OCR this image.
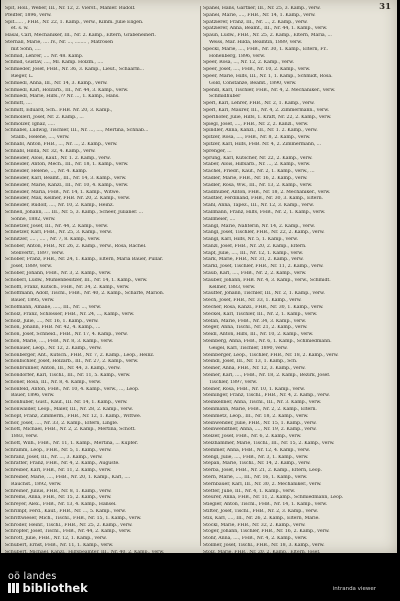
31
Spit, Holl., Weber, III., Nr. 12, 2. Vierst., Mahler. Rudolf.
Pfeiffer, 1896, verw.
Spit...... , FHB., Nr. 22, 1. Kamp., verw., Kimm. Julie Eligen.
et. s. w.
Hasal, Carl, Mechaniker, III., Nr. 2. Kamp., Eltern, Grabeneinerl.
Sternall, Marie, .... IV., Nr. ..., ........ , Matrosen
mit Sohn, ....
Schmid, Lehrer, .... Nr. 48. Kamp.
Schmid, Gustav, ...., Ml. Kamp. Holzm., ....
Schmieder, Josef, FHB., Nr. 36, 3. Kamp., Lieut., Schaarm...
Rieger, L.
Schmiedl, Anna, III., Nr. 14, 3. Kamp., verw.
Schmiedl, Karl, Holzarb., III., Nr. 44, 3. Kamp., verw.
Schmiedl, Marie, Hilfs.,?? Nr. ..., 1. Kamp., Hans.
Schmitt, ....
Schmitt, Eduard, Sch.. FHB. Nr. 20, 3. Kamp.,
Schmöllerl, Josef, Nr. 2. Kamp., ...
Schmölzer, Ignaz, .....
Schnabel, Ludwig, Tischler, III., Nr. ..., ...., Mertina, Schnab...
Stallb., Helene, ...., verw.
Schnabl, Anton, FHB., ..., Nr. ..., 2. Kamp., verw.
Schnabl, Hilda, Nr. 32, 4. Kamp., verw.
Schneider, Alois, Kauf., Nr. 1. 2. Kamp., verw.
Schneider, Anton, Mech., III., Nr. 18, 1. Kamp., verw.
Schneider, Helene, ..., Nr. 4. Kamp.
Schneider, Karl, Beamt., III., Nr. 14, 3. Kamp., verw.
Schneider, Marie, Kanzl., III., Nr. 10, 4. Kamp., verw.
Schneider, Maria, FHB., Nr. 14, 1. Kamp., Witwe.
Schneider, Max, Kellner, FHB. Nr. 20, 2. Kamp., verw.
Schneider, Rudolf, ...., Nr. 10, 2. Kamp., Heinz.
Schnell, Johann, .... III., Nr. 5, 3. Kamp., Scheer, Julianer. ...
Söhne, 1882, verw.
Schnetzer, Josef, III., Nr. 44, 2. Kamp., verw.
Schnetzer, Karl, FHB., Nr. 25, 3. Kamp., verw.
Schnitzer, .... , .... , Nr. 7, 8. Kamp., verw.
Schober, Anton, FHB., Nr. 26, 2. Kamp., verw., Rosa, Rachel.
Stellvertr., 1897, verw.
Schober, Franz, FHB., Nr. 24, 1. Kamp., Eltern, Maria Bauer, Pullar.
Josef, 1889, verw.
Schober, Johann, FHB., Nr. 3, 2. Kamp., verw.
Schöberl, Ludw., Mühlenbesitzer, III., Nr. 14, 1. Kamp., verw.
Schöffl, Franz, Kutsch., FHB., Nr. 34, 2. Kamp., verw.
Schöffmann, Adolf, Tischl., FHB., Nr. 40, 2. Kamp., Scharfe, Marion.
Bauer, 1895, verw.
Schöfmann, Amalie, ....., III., Nr. ..., verw.
Scholz, Franz, Schlosser, FHB., Nr. 24, ..., Kamp., verw.
Scholz, Julie, ...., Nr. 16, 1. Kamp., verw.
Schön, Johann, FHB. Nr. 42, 4. Kamp., ...
Schön, Josef, Schneid., FHB., Nr. 17, 4. Kamp., verw.
Schön, Marie, ...., FHB., Nr. 8, 3. Kamp., verw.
Schönauer, Leop., Nr. 12, 2. Kamp., verw.
Schönberger, Ant., Kutsch., FHB., Nr. 7, 2. Kamp., Leop., Heinz.
Schönbichler, Josef, Holzarb., III., Nr. 27, 2. Kamp., verw.
Schönbrunner, Anton, III., Nr. 44, 3. Kamp., verw.
Schöndorfer, Karl, Tischl., III., Nr. 11, 5. Kamp., verw.
Schöner, Rosa, III., Nr. 8, 4. Kamp., verw.
Schönfeld, Anton, FHB., Nr. 10, 4. Kamp., verw., ..., Leop.
Bauer, 1896, verw.
Schönhuber, Gust., Kauf., III. Nr. 14, 1. Kamp., verw.
Schönwälder, Leop., Maler, III., Nr. 28, 2. Kamp., verw.
Schöpf, Franz, Zimmerm., FHB., Nr. 12, 1. Kamp., Wittwe.
Schor, Josef, ...., Nr. 33, 2. Kamp., Eltern, Lingle.
Schott, Michael, FHB., Nr. 2, 2. Kamp., Mertina, Schott.
1883, verw.
Schott, Wilh., FHB., Nr. 11, 1. Kamp., Mertina, ... Kupfer.
Schramm, Leop., FHB., Nr. 5, 1. Kamp., verw.
Schranz, Josef, III., Nr. ..., 3. Kamp., verw.
Schratter, Franz, FHB., Nr. 4, 2. Kamp., Auguste.
Schreiber, Karl, FHB., Nr. 11, 2. Kamp., verw.
Schreiber, Marie, ...., FHB., Nr. 20, 1. Kamp., Karl, ....
Rauchst., 1892, verw.
Schreiner, Julius, FHB., Nr. 8, 1. Kamp., verw.
Schrems, Anna, FHB., Nr. 15, 2. Kamp., verw.
Schreyer, Alex., FHB., Nr. 13, 4. Kamp., Hansel.
Schrimpf, Ferd., Kauf., FHB., Nr. ..., 5. Kamp., verw.
Schrittwieser, Mich., Tischl., FHB., Nr. 15, 1. Kamp., verw.
Schröder, Heinr., Tischl., FHB., Nr. 25, 2. Kamp., verw.
Schröpfer, Josef, Tischl., FHB., Nr. 44, 2. Kamp., verw.
Schrott, Julie, FHB., Nr. 12, 1. Kamp., verw.
Schubert, Ernst, FHB., Nr. 11, 1. Kamp., verw.
Schubert, Michael, Kanzl., Hilfsbeamter, III., Nr. 40, 2. Kamp., verw.
Spanel, Hans, Gärtner, III., Nr. 25, 3. Kamp., verw.
Spanel, Marie, ...., FHB., Nr. 14, 1. Kamp., verw.
Spatzierer, Franz, III., Nr. ..., 2. Kamp., verw.
Spatzierer, Anna, Beamt., III., Nr. 44, 1. Kamp., verw.
Spaun, Ludw., FHB., Nr. 25, 2. Kamp., Eltern, Maria, ...
Weiss, Mar. Hilda, Beamtin, 1889, verw.
Speckl, Marie, ...., FHB., Nr. 30, 1. Kamp., Eltern, Fr..
Hohenberg, 1896, verw.
Speer, Rosa, ..., Nr. 12, 2. Kamp., verw.
Speer, Josef, ...., FHB., Nr. 10, 2. Kamp., verw.
Speer, Marie, Hilfs, III., Nr. 1, 1. Kamp., Schmidt, Rosa.
Gold, Constanze, Beamt., 1890, verw.
Spendl, Karl, Tischler, FHB., Nr. 4, 2. Mechaniker., verw.
Schmidhuber
Sperl, Karl, Lehrer, FHB., Nr. 2, 1. Kamp., verw.
Sperl, Karl, Maurer, III., Nr. 4, 2. Zimmermann., verw.
Sperlhofer, Julie, Hilfs, 1. Kraft, Nr. 22, 2. Kamp., verw.
Spiegl, Josef, ...., FHB., Nr. 2, 2. Kanzl., verw.
Spindler, Anna, Kanzl., III., Nr. 1. 2. Kamp., verw.
Spitzer, Rosa, ...., FHB., Nr. 8, 2. Kamp., verw.
Spitzer, Karl, Hilfs, FHB. Nr. 4, 2. Zimmermann, ...
Sprenger, ...
Sprung, Karl, Kutscher, Nr. 22, 2. Kamp., verw.
Staber, Alois, Hilfsarb., Nr. ..., 2. Kamp., verw.
Stachel, Friedr., Kauf., Nr. 2, 1. Kamp., verw., ...
Stadler, Marie, FHB., Nr. 16, 2. Kamp., verw.
Stadler, Rosa, Ww., III., Nr. 13, 2. Kamp., verw.
Stadlhuber, Anton, FHB., Nr. 18, 2. Mechaniker., verw.
Stadtler, Ferdinand, FHB., Nr. 30, 3. Kamp., Eltern.
Stahl, Anna, Tapez., III., Nr. 12, 3. Kamp., verw.
Stallmann, Franz, Hilfs, FHB., Nr. 2, 1. Kamp., verw.
Stallmeier, ....
Stangl, Marie, Nähterin, Nr. 14, 2. Kamp., verw.
Stangl, Josef, Tischler, FHB., Nr. 22, 2. Kamp., verw.
Stangl, Karl, Hilfs, Nr. 5, 1. Kamp., verw.
Stanzl, Josef, FHB., Nr. 20, 2. Kamp., Eltern.
Stapf, Julie, ...., III., Nr. 12, 1. Kamp., verw.
Stark, Marie, FHB., Nr. 31, 2. Kamp., verw.
Starkl, Josef, Tischler, FHB., Nr. 11, 2. Kamp., verw.
Staub, Karl, ...., FHB., Nr. 2, 2. Kamp., verw.
Stauber, Johann, FHB. Nr. 4, 3. Kamp., verw., Schmidt.
Kellner, 1883, verw.
Stauffer, Johann, Tischler, III., Nr. 2, 1. Kamp., verw.
Stech, Josef, FHB., Nr. 33, 1. Kamp., verw.
Stecher, Rosa, Kanzl., FHB., Nr. 30, 1. Kamp., verw.
Steckel, Karl, Tischler, III., Nr. 2, 1. Kamp., verw.
Stefan, Marie, FHB., Nr. 34, 3. Kamp., verw.
Steger, Anna, Tischl., Nr. 21, 2. Kamp., verw.
Steidl, Anton, Hilfs, III., Nr. 10, 2. Kamp., verw.
Steinberg, Anna, FHB., Nr. 6, 1. Kamp., Schmiedmann.
Geigel, Karl, Tischler, 1890, verw.
Steinberger, Leop., Tischler, FHB., Nr. 18, 2. Kamp., verw.
Steindl, Josef, III., Nr. 13, 1. Kamp., Sch.
Steiner, Anna, FHB., Nr. 12, 3. Kamp., verw.
Steiner, Karl, ...., FHB., Nr. 18, 2. Kamp., Bezirk, Josef.
Tischler, 1897, verw.
Steiner, Rosa, FHB., Nr. 10, 1. Kamp., verw.
Steininger, Franz, Tischl., FHB., Nr. 4, 2. Kamp., verw.
Steinkellner, Anna, Tischl., III., Nr. 3. Kamp., verw.
Steinmann, Marie, FHB., Nr. 2, 2. Kamp., Eltern.
Steinmetz, Leop., III., Nr. 18, 2. Kamp., verw.
Steinwender, Julie, FHB., Nr. 15, 1. Kamp., verw.
Steinwendtner, Anna, ...., Nr. 19, 2. Kamp., verw.
Stelzer, Josef, FHB., Nr. 6, 2. Kamp., verw.
Stelzhammer, Marie, Tischl., III., Nr. 15, 2. Kamp., verw.
Stemmer, Anna, FHB., Nr. 12, 4. Kamp., verw.
Stengl, Julie, ...., FHB., Nr. 3, 1. Kamp., verw.
Stepan, Marie, Tischl., Nr. 14, 2. Kamp., verw.
Sterba, Josef, FHB., Nr. 21, 2. Kamp., Eltern, Leop.
Stern, Marie, ...., III., Nr. 16, 1. Kamp., verw.
Sternbauer, Karl, III., Nr. 30, 2. Mechaniker., verw.
Stetter, Julie, III., Nr. 4, 1. Kamp., verw.
Steurer, Anna, FHB., Nr. 11, 2. Kamp., Schmiedmann, Leop.
Stiegler, Anton, Tischl., FHB., Nr. 14, 1. Kamp., verw.
Stifter, Josef, Tischl., FHB., Nr. 2, 3. Kamp., verw.
Stix, Karl, ...., III., Nr. 26, 2. Kamp., Eltern, Marie.
Stöckl, Marie, FHB., Nr. 32, 2. Kamp., verw.
Stöger, Johann, Tischler, FHB., Nr. 16, 2. Kamp., verw.
Stöhr, Anna, ...., FHB., Nr. 4, 2. Kamp., verw.
Stöllner, Josef, Tischl., FHB., Nr. 18, 3. Kamp., verw.
Stolz, Marie, FHB., Nr. 20, 2. Kamp., Eltern, Josef.
oö landes
bibliothek	intranda viewer
